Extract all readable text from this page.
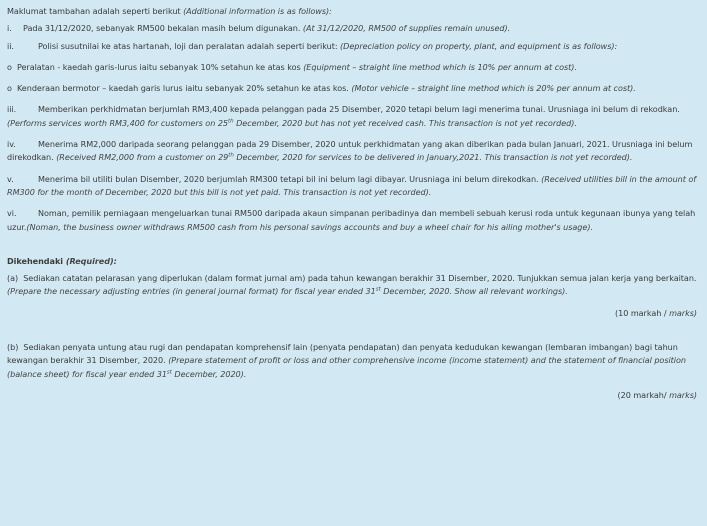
Maklumat tambahan adalah seperti berikut (Additional information is as follows):

i. Pada 31/12/2020, sebanyak RM500 bekalan masih belum digunakan. (At 31/12/2020, RM500 of supplies remain unused).

ii.	Polisi susutnilai ke atas hartanah, loji dan peralatan adalah seperti berikut: (Depreciation policy on property, plant, and equipment is as follows):

o Peralatan - kaedah garis-lurus iaitu sebanyak 10% setahun ke atas kos (Equipment – straight line method which is 10% per annum at cost).

o Kenderaan bermotor – kaedah garis lurus iaitu sebanyak 20% setahun ke atas kos. (Motor vehicle – straight line method which is 20% per annum at cost).

iii.	Memberikan perkhidmatan berjumlah RM3,400 kepada pelanggan pada 25 Disember, 2020 tetapi belum lagi menerima tunai. Urusniaga ini belum di rekodkan. (Performs services worth RM3,400 for customers on 25th December, 2020 but has not yet received cash. This transaction is not yet recorded).

iv.	Menerima RM2,000 daripada seorang pelanggan pada 29 Disember, 2020 untuk perkhidmatan yang akan diberikan pada bulan Januari, 2021. Urusniaga ini belum direkodkan. (Received RM2,000 from a customer on 29th December, 2020 for services to be delivered in January,2021. This transaction is not yet recorded).

v.	Menerima bil utiliti bulan Disember, 2020 berjumlah RM300 tetapi bil ini belum lagi dibayar. Urusniaga ini belum direkodkan. (Received utilities bill in the amount of RM300 for the month of December, 2020 but this bill is not yet paid. This transaction is not yet recorded).

vi.	Noman, pemilik perniagaan mengeluarkan tunai RM500 daripada akaun simpanan peribadinya dan membeli sebuah kerusi roda untuk kegunaan ibunya yang telah uzur.(Noman, the business owner withdraws RM500 cash from his personal savings accounts and buy a wheel chair for his ailing mother's usage).

Dikehendaki (Required):

(a) Sediakan catatan pelarasan yang diperlukan (dalam format jurnal am) pada tahun kewangan berakhir 31 Disember, 2020. Tunjukkan semua jalan kerja yang berkaitan. (Prepare the necessary adjusting entries (in general journal format) for fiscal year ended 31st December, 2020. Show all relevant workings).

(10 markah / marks)

(b) Sediakan penyata untung atau rugi dan pendapatan komprehensif lain (penyata pendapatan) dan penyata kedudukan kewangan (lembaran imbangan) bagi tahun kewangan berakhir 31 Disember, 2020. (Prepare statement of profit or loss and other comprehensive income (income statement) and the statement of financial position (balance sheet) for fiscal year ended 31st December, 2020).

(20 markah/ marks)
